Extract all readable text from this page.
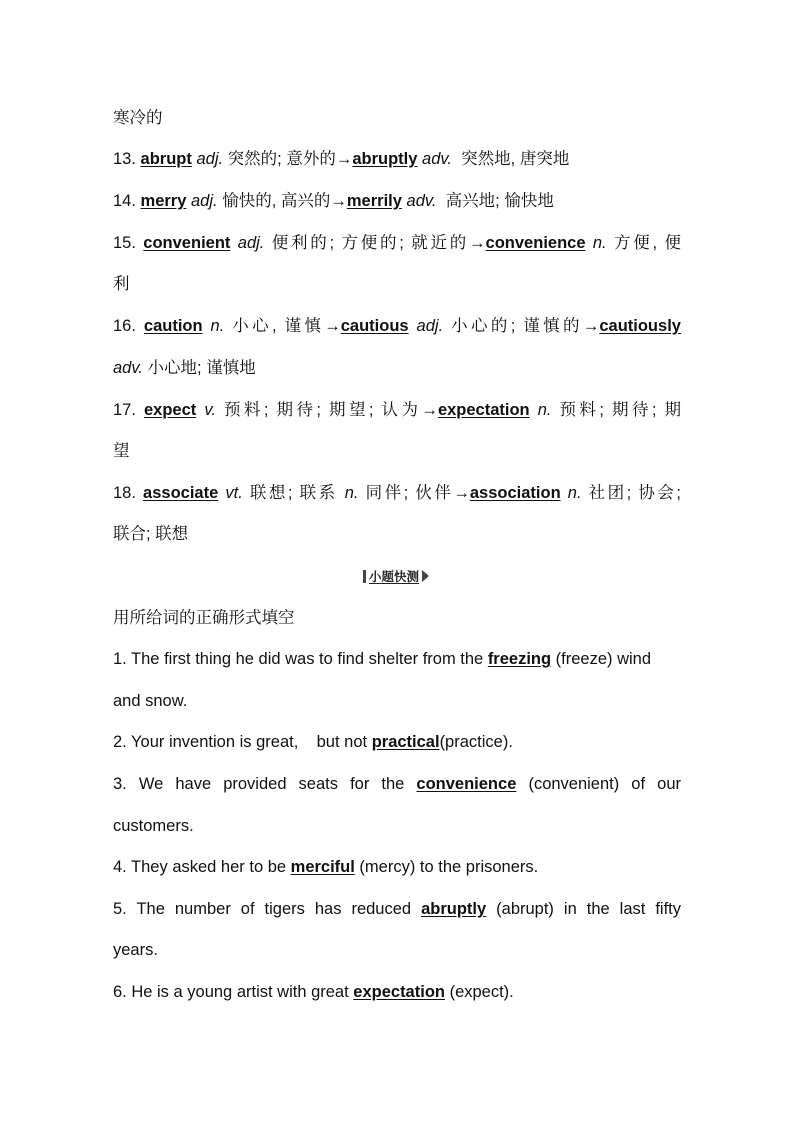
寒冷的
13. abrupt adj. 突然的; 意外的→abruptly adv.  突然地, 唐突地
14. merry adj. 愉快的, 高兴的→merrily adv.  高兴地; 愉快地
15. convenient adj. 便利的; 方便的; 就近的→convenience n. 方便, 便
利
16. caution n. 小心, 谨慎→cautious adj. 小心的; 谨慎的→cautiously
adv. 小心地; 谨慎地
17. expect v. 预料; 期待; 期望; 认为→expectation n. 预料; 期待; 期
望
18. associate vt. 联想; 联系 n. 同伴; 伙伴→association n. 社团; 协会;
联合; 联想
用所给词的正确形式填空
1. The first thing he did was to find shelter from the freezing (freeze) wind
and snow.
2. Your invention is great,    but not practical(practice).
3. We have provided seats for the convenience (convenient) of our
customers.
4. They asked her to be merciful (mercy) to the prisoners.
5. The number of tigers has reduced abruptly (abrupt) in the last fifty
years.
6. He is a young artist with great expectation (expect).
小题快测
